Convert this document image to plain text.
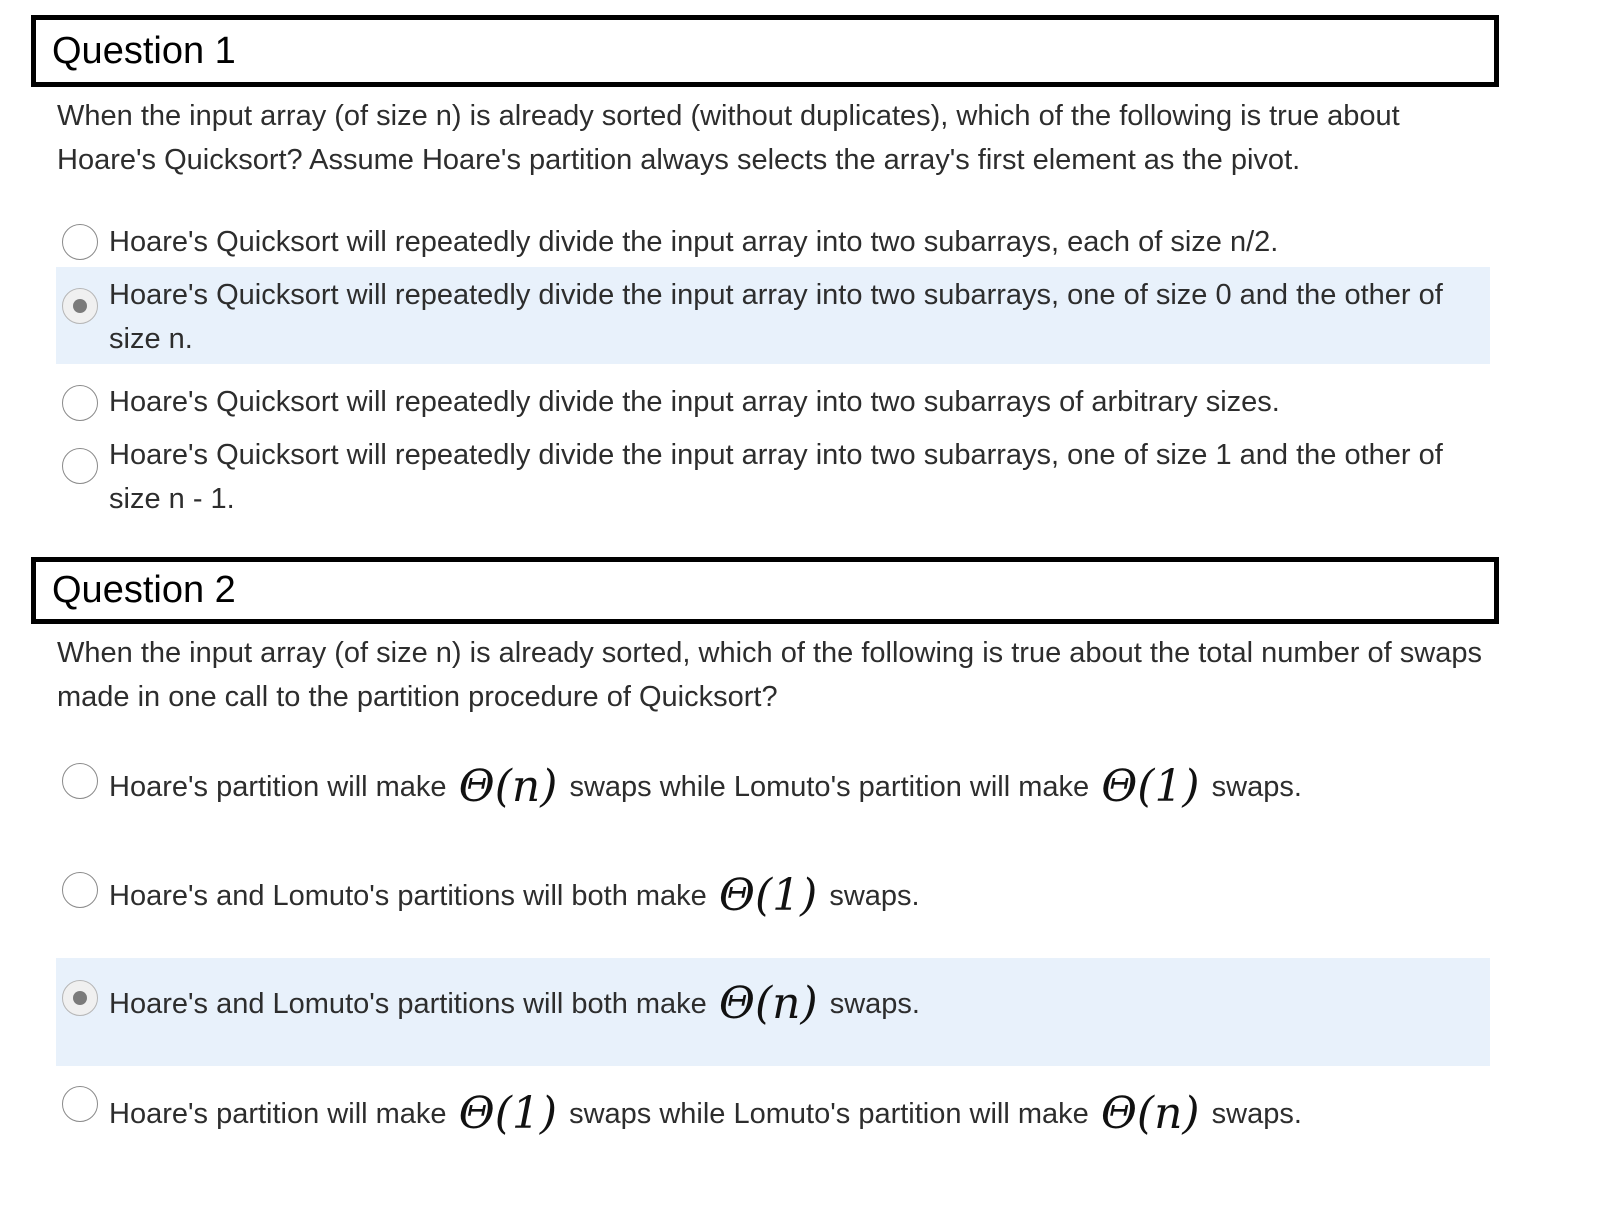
Question 1
When the input array (of size n) is already sorted (without duplicates), which of the following is true about Hoare's Quicksort? Assume Hoare's partition always selects the array's first element as the pivot.
Hoare's Quicksort will repeatedly divide the input array into two subarrays, each of size n/2.
Hoare's Quicksort will repeatedly divide the input array into two subarrays, one of size 0 and the other of size n.
Hoare's Quicksort will repeatedly divide the input array into two subarrays of arbitrary sizes.
Hoare's Quicksort will repeatedly divide the input array into two subarrays, one of size 1 and the other of size n - 1.
Question 2
When the input array (of size n) is already sorted, which of the following is true about the total number of swaps made in one call to the partition procedure of Quicksort?
Hoare's partition will make Θ(n) swaps while Lomuto's partition will make Θ(1) swaps.
Hoare's and Lomuto's partitions will both make Θ(1) swaps.
Hoare's and Lomuto's partitions will both make Θ(n) swaps.
Hoare's partition will make Θ(1) swaps while Lomuto's partition will make Θ(n) swaps.
